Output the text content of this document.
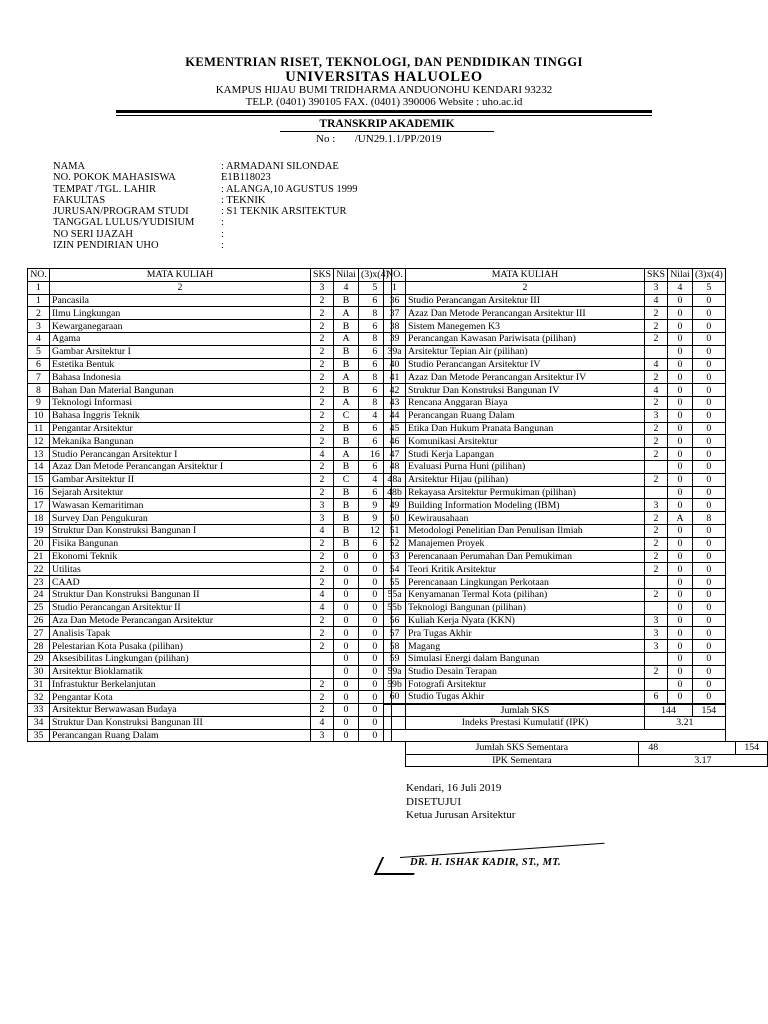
KEMENTRIAN RISET, TEKNOLOGI, DAN PENDIDIKAN TINGGI
UNIVERSITAS HALUOLEO
KAMPUS HIJAU BUMI TRIDHARMA ANDUONOHU KENDARI 93232
TELP. (0401) 390105 FAX. (0401) 390006 Website : uho.ac.id
TRANSKRIP AKADEMIK
No : /UN29.1.1/PP/2019
NAMA	: ARMADANI SILONDAE
NO. POKOK MAHASISWA	E1B118023
TEMPAT /TGL. LAHIR	: ALANGA,10 AGUSTUS 1999
FAKULTAS	: TEKNIK
JURUSAN/PROGRAM STUDI	: S1 TEKNIK ARSITEKTUR
TANGGAL LULUS/YUDISIUM	:
NO SERI IJAZAH	:
IZIN PENDIRIAN UHO	:
NO.	MATA KULIAH	SKS	Nilai	(3)x(4)
1	2	3	4	5
1	Pancasila	2	B	6
2	Ilmu Lingkungan	2	A	8
3	Kewarganegaraan	2	B	6
4	Agama	2	A	8
5	Gambar Arsitektur I	2	B	6
6	Estetika Bentuk	2	B	6
7	Bahasa Indonesia	2	A	8
8	Bahan Dan Material Bangunan	2	B	6
9	Teknologi Informasi	2	A	8
10	Bahasa Inggris Teknik	2	C	4
11	Pengantar Arsitektur	2	B	6
12	Mekanika Bangunan	2	B	6
13	Studio Perancangan Arsitektur I	4	A	16
14	Azaz Dan Metode Perancangan Arsitektur I	2	B	6
15	Gambar Arsitektur II	2	C	4
16	Sejarah Arsitektur	2	B	6
17	Wawasan Kemaritiman	3	B	9
18	Survey Dan Pengukuran	3	B	9
19	Struktur Dan Konstruksi Bangunan I	4	B	12
20	Fisika Bangunan	2	B	6
21	Ekonomi Teknik	2	0	0
22	Utilitas	2	0	0
23	CAAD	2	0	0
24	Struktur Dan Konstruksi Bangunan II	4	0	0
25	Studio Perancangan Arsitektur II	4	0	0
26	Aza Dan Metode Perancangan Arsitektur	2	0	0
27	Analisis Tapak	2	0	0
28	Pelestarian Kota Pusaka (pilihan)	2	0	0
29	Aksesibilitas Lingkungan (pilihan)		0	0
30	Arsitektur Bioklamatik		0	0
31	Infrastuktur Berkelanjutan	2	0	0
32	Pengantar Kota	2	0	0
33	Arsitektur Berwawasan Budaya	2	0	0
34	Struktur Dan Konstruksi Bangunan III	4	0	0
35	Perancangan Ruang Dalam	3	0	0
NO.	MATA KULIAH	SKS	Nilai	(3)x(4)
1	2	3	4	5
36	Studio Perancangan Arsitektur III	4	0	0
37	Azaz Dan Metode Perancangan Arsitektur III	2	0	0
38	Sistem Manegemen K3	2	0	0
39	Perancangan Kawasan Pariwisata (pilihan)	2	0	0
39a	Arsitektur Tepian Air (pilihan)		0	0
40	Studio Perancangan Arsitektur IV	4	0	0
41	Azaz Dan Metode Perancangan Arsitektur IV	2	0	0
42	Struktur Dan Konstruksi Bangunan IV	4	0	0
43	Rencana Anggaran Biaya	2	0	0
44	Perancangan Ruang Dalam	3	0	0
45	Etika Dan Hukum Pranata Bangunan	2	0	0
46	Komunikasi Arsitektur	2	0	0
47	Studi Kerja Lapangan	2	0	0
48	Evaluasi Purna Huni (pilihan)		0	0
48a	Arsitektur Hijau (pilihan)	2	0	0
48b	Rekayasa Arsitektur Permukiman (pilihan)		0	0
49	Building Information Modeling (IBM)	3	0	0
50	Kewirausahaan	2	A	8
51	Metodologi Penelitian Dan Penulisan Ilmiah	2	0	0
52	Manajemen Proyek	2	0	0
53	Perencanaan Perumahan Dan Pemukiman	2	0	0
54	Teori Kritik Arsitektur	2	0	0
55	Perencanaan Lingkungan Perkotaan		0	0
55a	Kenyamanan Termal Kota (pilihan)	2	0	0
55b	Teknologi Bangunan (pilihan)		0	0
56	Kuliah Kerja Nyata (KKN)	3	0	0
57	Pra Tugas Akhir	3	0	0
58	Magang	3	0	0
59	Simulasi Energi dalam Bangunan		0	0
59a	Studio Desain Terapan	2	0	0
59b	Fotografi Arsitektur		0	0
60	Studio Tugas Akhir	6	0	0
	Jumlah SKS	144		154
	Indeks Prestasi Kumulatif (IPK)	3.21		

Jumlah SKS Sementara	48		154
IPK Sementara	3.17		
Kendari, 16 Juli 2019
DISETUJUI
Ketua Jurusan Arsitektur
DR. H. ISHAK KADIR, ST., MT.
